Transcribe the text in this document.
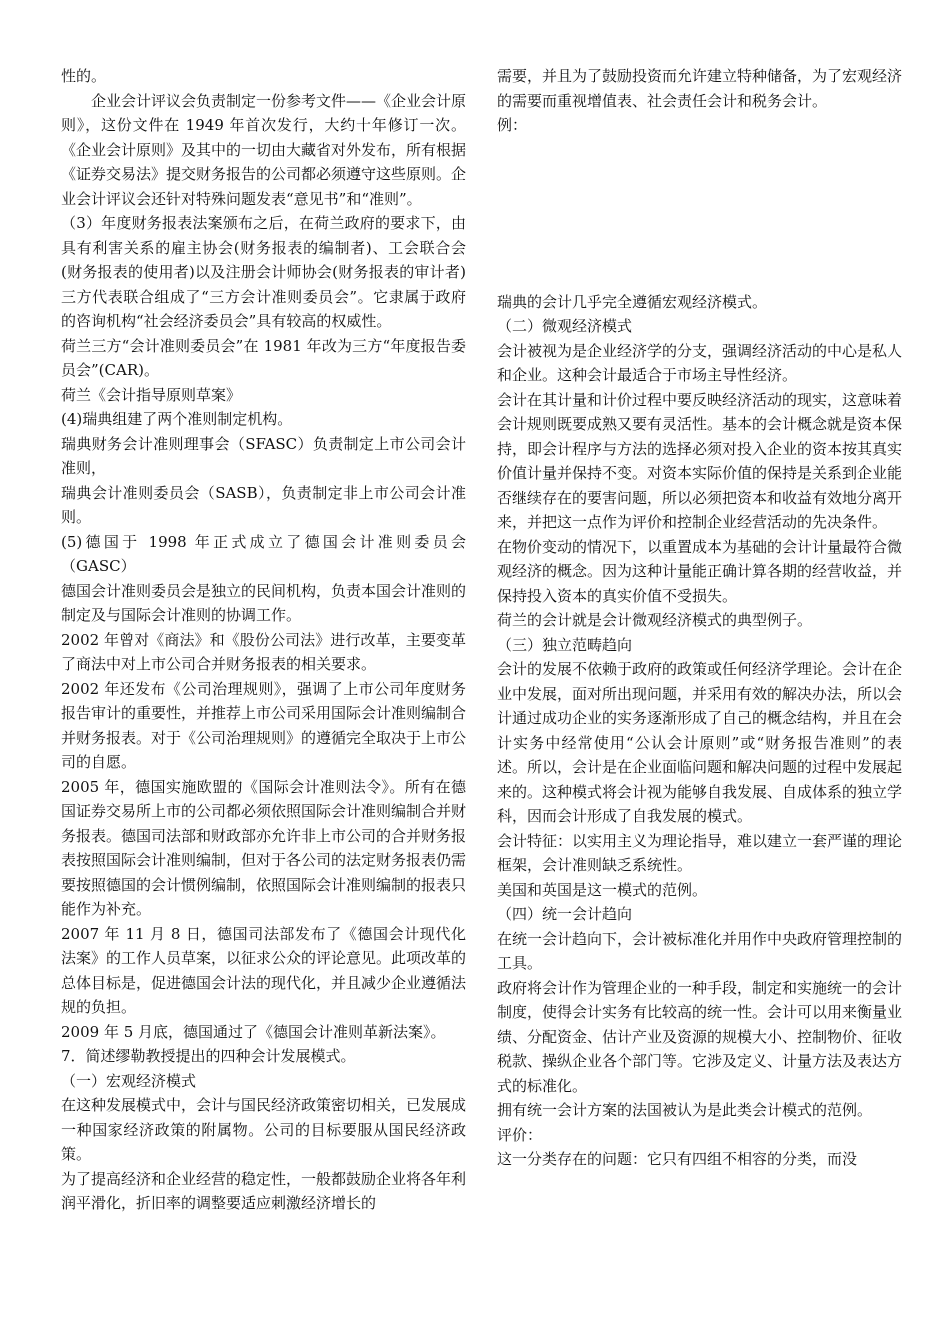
性的。

　　企业会计评议会负责制定一份参考文件——《企业会计原则》，这份文件在 1949 年首次发行，大约十年修订一次。《企业会计原则》及其中的一切由大藏省对外发布，所有根据《证券交易法》提交财务报告的公司都必须遵守这些原则。企业会计评议会还针对特殊问题发表“意见书”和“准则”。

（3）年度财务报表法案颁布之后，在荷兰政府的要求下，由具有利害关系的雇主协会(财务报表的编制者)、工会联合会(财务报表的使用者)以及注册会计师协会(财务报表的审计者)三方代表联合组成了“三方会计准则委员会”。它隶属于政府的咨询机构“社会经济委员会”具有较高的权威性。

荷兰三方“会计准则委员会”在 1981 年改为三方“年度报告委员会”(CAR)。

荷兰《会计指导原则草案》

(4)瑞典组建了两个准则制定机构。

瑞典财务会计准则理事会（SFASC）负责制定上市公司会计准则，

瑞典会计准则委员会（SASB），负责制定非上市公司会计准则。

(5)德国于 1998 年正式成立了德国会计准则委员会（GASC）

德国会计准则委员会是独立的民间机构，负责本国会计准则的制定及与国际会计准则的协调工作。

2002 年曾对《商法》和《股份公司法》进行改革，主要变革了商法中对上市公司合并财务报表的相关要求。

2002 年还发布《公司治理规则》，强调了上市公司年度财务报告审计的重要性，并推荐上市公司采用国际会计准则编制合并财务报表。对于《公司治理规则》的遵循完全取决于上市公司的自愿。

2005 年，德国实施欧盟的《国际会计准则法令》。所有在德国证券交易所上市的公司都必须依照国际会计准则编制合并财务报表。德国司法部和财政部亦允许非上市公司的合并财务报表按照国际会计准则编制，但对于各公司的法定财务报表仍需要按照德国的会计惯例编制，依照国际会计准则编制的报表只能作为补充。

2007 年 11 月 8 日，德国司法部发布了《德国会计现代化法案》的工作人员草案，以征求公众的评论意见。此项改革的总体目标是，促进德国会计法的现代化，并且减少企业遵循法规的负担。

2009 年 5 月底，德国通过了《德国会计准则革新法案》。

7．简述缪勒教授提出的四种会计发展模式。

（一）宏观经济模式

在这种发展模式中，会计与国民经济政策密切相关，已发展成一种国家经济政策的附属物。公司的目标要服从国民经济政策。

为了提高经济和企业经营的稳定性，一般都鼓励企业将各年利润平滑化，折旧率的调整要适应刺激经济增长的

需要，并且为了鼓励投资而允许建立特种储备，为了宏观经济的需要而重视增值表、社会责任会计和税务会计。

例：

瑞典的会计几乎完全遵循宏观经济模式。

（二）微观经济模式

会计被视为是企业经济学的分支，强调经济活动的中心是私人和企业。这种会计最适合于市场主导性经济。

会计在其计量和计价过程中要反映经济活动的现实，这意味着会计规则既要成熟又要有灵活性。基本的会计概念就是资本保持，即会计程序与方法的选择必须对投入企业的资本按其真实价值计量并保持不变。对资本实际价值的保持是关系到企业能否继续存在的要害问题，所以必须把资本和收益有效地分离开来，并把这一点作为评价和控制企业经营活动的先决条件。

在物价变动的情况下，以重置成本为基础的会计计量最符合微观经济的概念。因为这种计量能正确计算各期的经营收益，并保持投入资本的真实价值不受损失。

荷兰的会计就是会计微观经济模式的典型例子。

（三）独立范畴趋向

会计的发展不依赖于政府的政策或任何经济学理论。会计在企业中发展，面对所出现问题，并采用有效的解决办法，所以会计通过成功企业的实务逐渐形成了自己的概念结构，并且在会计实务中经常使用“公认会计原则”或“财务报告准则”的表述。所以，会计是在企业面临问题和解决问题的过程中发展起来的。这种模式将会计视为能够自我发展、自成体系的独立学科，因而会计形成了自我发展的模式。

会计特征：以实用主义为理论指导，难以建立一套严谨的理论框架，会计准则缺乏系统性。

美国和英国是这一模式的范例。

（四）统一会计趋向

在统一会计趋向下，会计被标准化并用作中央政府管理控制的工具。

政府将会计作为管理企业的一种手段，制定和实施统一的会计制度，使得会计实务有比较高的统一性。会计可以用来衡量业绩、分配资金、估计产业及资源的规模大小、控制物价、征收税款、操纵企业各个部门等。它涉及定义、计量方法及表达方式的标准化。

拥有统一会计方案的法国被认为是此类会计模式的范例。

评价：

这一分类存在的问题：它只有四组不相容的分类，而没
